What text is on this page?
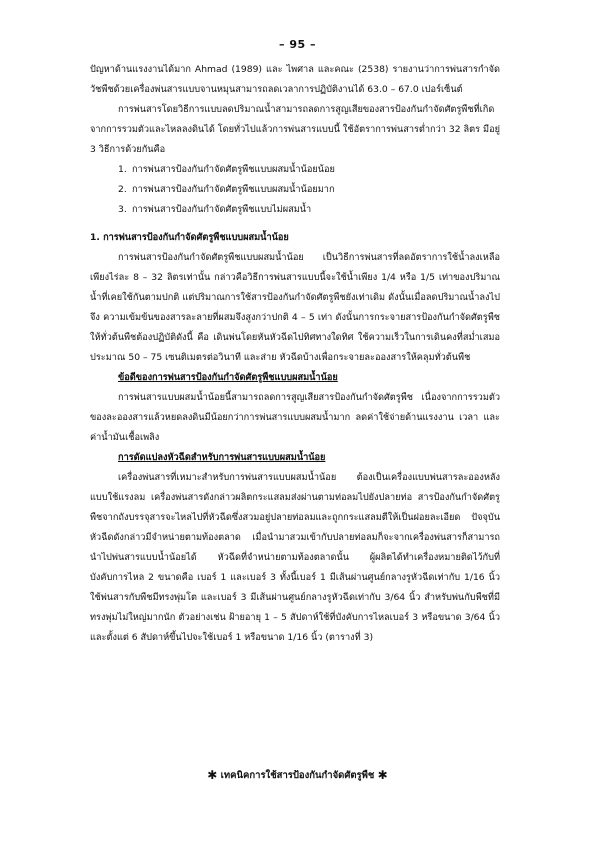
– 95 –

ปัญหาด้านแรงงานได้มาก Ahmad (1989) และ ไพศาล และคณะ (2538) รายงานว่าการพ่นสารกำจัดวัชพืชด้วยเครื่องพ่นสารแบบจานหมุนสามารถลดเวลาการปฏิบัติงานได้ 63.0 – 67.0 เปอร์เซ็นต์

การพ่นสารโดยวิธีการแบบลดปริมาณน้ำสามารถลดการสูญเสียของสารป้องกันกำจัดศัตรูพืชที่เกิดจากการรวมตัวและไหลลงดินได้ โดยทั่วไปแล้วการพ่นสารแบบนี้ ใช้อัตราการพ่นสารต่ำกว่า 32 ลิตร มีอยู่ 3 วิธีการด้วยกันคือ

1. การพ่นสารป้องกันกำจัดศัตรูพืชแบบผสมน้ำน้อยน้อย
2. การพ่นสารป้องกันกำจัดศัตรูพืชแบบผสมน้ำน้อยมาก
3. การพ่นสารป้องกันกำจัดศัตรูพืชแบบไม่ผสมน้ำ

1. การพ่นสารป้องกันกำจัดศัตรูพืชแบบผสมน้ำน้อย

การพ่นสารป้องกันกำจัดศัตรูพืชแบบผสมน้ำน้อย เป็นวิธีการพ่นสารที่ลดอัตราการใช้น้ำลงเหลือเพียงไร่ละ 8 – 32 ลิตรเท่านั้น กล่าวคือวิธีการพ่นสารแบบนี้จะใช้น้ำเพียง 1/4 หรือ 1/5 เท่าของปริมาณน้ำที่เคยใช้กันตามปกติ แต่ปริมาณการใช้สารป้องกันกำจัดศัตรูพืชยังเท่าเดิม ดังนั้นเมื่อลดปริมาณน้ำลงไปจึง ความเข้มข้นของสารละลายที่ผสมจึงสูงกว่าปกติ 4 – 5 เท่า ดังนั้นการกระจายสารป้องกันกำจัดศัตรูพืชให้ทั่วต้นพืชต้องปฏิบัติดังนี้ คือ เดินพ่นโดยหันหัวฉีดไปทิศทางใดทิศ ใช้ความเร็วในการเดินคงที่สม่ำเสมอประมาณ 50 – 75 เซนติเมตรต่อวินาที และส่าย หัวฉีดบ้างเพื่อกระจายละอองสารให้คลุมทั่วต้นพืช

ข้อดีของการพ่นสารป้องกันกำจัดศัตรูพืชแบบผสมน้ำน้อย

การพ่นสารแบบผสมน้ำน้อยนี้สามารถลดการสูญเสียสารป้องกันกำจัดศัตรูพืช เนื่องจากการรวมตัวของละอองสารแล้วหยดลงดินมีน้อยกว่าการพ่นสารแบบผสมน้ำมาก ลดค่าใช้จ่ายด้านแรงงาน เวลา และค่าน้ำมันเชื้อเพลิง

การดัดแปลงหัวฉีดสำหรับการพ่นสารแบบผสมน้ำน้อย

เครื่องพ่นสารที่เหมาะสำหรับการพ่นสารแบบผสมน้ำน้อย ต้องเป็นเครื่องแบบพ่นสารละอองหลังแบบใช้แรงลม เครื่องพ่นสารดังกล่าวผลิตกระแสลมส่งผ่านตามท่อลมไปยังปลายท่อ สารป้องกันกำจัดศัตรูพืชจากถังบรรจุสารจะไหลไปที่หัวฉีดซึ่งสวมอยู่ปลายท่อลมและถูกกระแสลมตีให้เป็นฝอยละเอียด ปัจจุบันหัวฉีดดังกล่าวมีจำหน่ายตามท้องตลาด เมื่อนำมาสวมเข้ากับปลายท่อลมก็จะจากเครื่องพ่นสารก็สามารถนำไปพ่นสารแบบน้ำน้อยได้ หัวฉีดที่จำหน่ายตามท้องตลาดนั้น ผู้ผลิตได้ทำเครื่องหมายติดไว้กับที่บังคับการไหล 2 ขนาดคือ เบอร์ 1 และเบอร์ 3 ทั้งนี้เบอร์ 1 มีเส้นผ่านศูนย์กลางรูหัวฉีดเท่ากับ 1/16 นิ้ว ใช้พ่นสารกับพืชมีทรงพุ่มโต และเบอร์ 3 มีเส้นผ่านศูนย์กลางรูหัวฉีดเท่ากับ 3/64 นิ้ว สำหรับพ่นกับพืชที่มีทรงพุ่มไม่ใหญ่มากนัก ตัวอย่างเช่น ฝ้ายอายุ 1 – 5 สัปดาห์ใช้ที่บังคับการไหลเบอร์ 3 หรือขนาด 3/64 นิ้ว และตั้งแต่ 6 สัปดาห์ขึ้นไปจะใช้เบอร์ 1 หรือขนาด 1/16 นิ้ว (ตารางที่ 3)

✱ เทคนิคการใช้สารป้องกันกำจัดศัตรูพืช ✱
